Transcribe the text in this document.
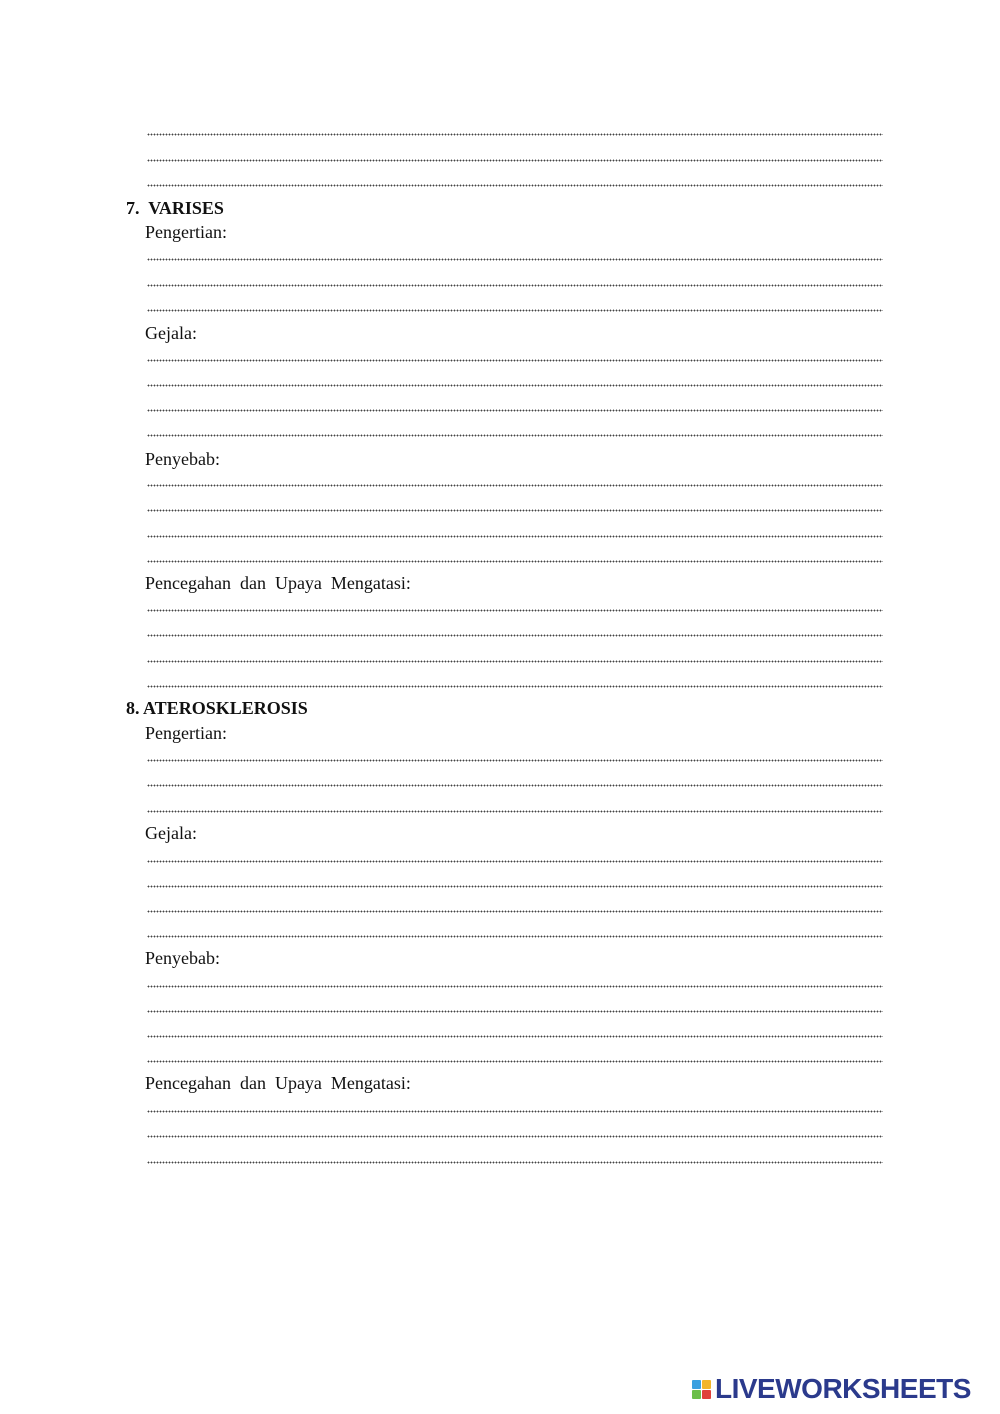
7. VARISES
Pengertian:
Gejala:
Penyebab:
Pencegahan  dan  Upaya  Mengatasi:
8. ATEROSKLEROSIS
Pengertian:
Gejala:
Penyebab:
Pencegahan  dan  Upaya  Mengatasi:
LIVEWORKSHEETS
